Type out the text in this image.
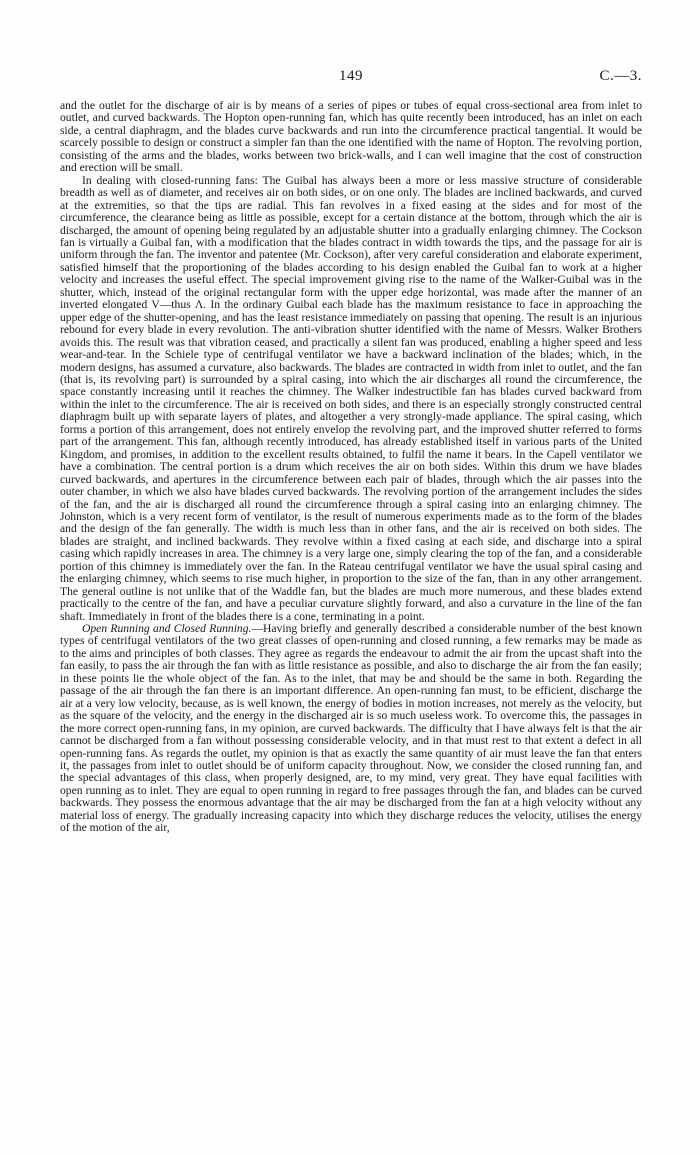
149	C.—3.

and the outlet for the discharge of air is by means of a series of pipes or tubes of equal cross-sectional area from inlet to outlet, and curved backwards. The Hopton open-running fan, which has quite recently been introduced, has an inlet on each side, a central diaphragm, and the blades curve backwards and run into the circumference practical tangential. It would be scarcely possible to design or construct a simpler fan than the one identified with the name of Hopton. The revolving portion, consisting of the arms and the blades, works between two brick-walls, and I can well imagine that the cost of construction and erection will be small.

In dealing with closed-running fans: The Guibal has always been a more or less massive structure of considerable breadth as well as of diameter, and receives air on both sides, or on one only. The blades are inclined backwards, and curved at the extremities, so that the tips are radial. This fan revolves in a fixed easing at the sides and for most of the circumference, the clearance being as little as possible, except for a certain distance at the bottom, through which the air is discharged, the amount of opening being regulated by an adjustable shutter into a gradually enlarging chimney. The Cockson fan is virtually a Guibal fan, with a modification that the blades contract in width towards the tips, and the passage for air is uniform through the fan. The inventor and patentee (Mr. Cockson), after very careful consideration and elaborate experiment, satisfied himself that the proportioning of the blades according to his design enabled the Guibal fan to work at a higher velocity and increases the useful effect. The special improvement giving rise to the name of the Walker-Guibal was in the shutter, which, instead of the original rectangular form with the upper edge horizontal, was made after the manner of an inverted elongated V—thus Λ. In the ordinary Guibal each blade has the maximum resistance to face in approaching the upper edge of the shutter-opening, and has the least resistance immediately on passing that opening. The result is an injurious rebound for every blade in every revolution. The anti-vibration shutter identified with the name of Messrs. Walker Brothers avoids this. The result was that vibration ceased, and practically a silent fan was produced, enabling a higher speed and less wear-and-tear. In the Schiele type of centrifugal ventilator we have a backward inclination of the blades; which, in the modern designs, has assumed a curvature, also backwards. The blades are contracted in width from inlet to outlet, and the fan (that is, its revolving part) is surrounded by a spiral casing, into which the air discharges all round the circumference, the space constantly increasing until it reaches the chimney. The Walker indestructible fan has blades curved backward from within the inlet to the circumference. The air is received on both sides, and there is an especially strongly constructed central diaphragm built up with separate layers of plates, and altogether a very strongly-made appliance. The spiral casing, which forms a portion of this arrangement, does not entirely envelop the revolving part, and the improved shutter referred to forms part of the arrangement. This fan, although recently introduced, has already established itself in various parts of the United Kingdom, and promises, in addition to the excellent results obtained, to fulfil the name it bears. In the Capell ventilator we have a combination. The central portion is a drum which receives the air on both sides. Within this drum we have blades curved backwards, and apertures in the circumference between each pair of blades, through which the air passes into the outer chamber, in which we also have blades curved backwards. The revolving portion of the arrangement includes the sides of the fan, and the air is discharged all round the circumference through a spiral casing into an enlarging chimney. The Johnston, which is a very recent form of ventilator, is the result of numerous experiments made as to the form of the blades and the design of the fan generally. The width is much less than in other fans, and the air is received on both sides. The blades are straight, and inclined backwards. They revolve within a fixed casing at each side, and discharge into a spiral casing which rapidly increases in area. The chimney is a very large one, simply clearing the top of the fan, and a considerable portion of this chimney is immediately over the fan. In the Rateau centrifugal ventilator we have the usual spiral casing and the enlarging chimney, which seems to rise much higher, in proportion to the size of the fan, than in any other arrangement. The general outline is not unlike that of the Waddle fan, but the blades are much more numerous, and these blades extend practically to the centre of the fan, and have a peculiar curvature slightly forward, and also a curvature in the line of the fan shaft. Immediately in front of the blades there is a cone, terminating in a point.

Open Running and Closed Running.—Having briefly and generally described a considerable number of the best known types of centrifugal ventilators of the two great classes of open-running and closed running, a few remarks may be made as to the aims and principles of both classes. They agree as regards the endeavour to admit the air from the upcast shaft into the fan easily, to pass the air through the fan with as little resistance as possible, and also to discharge the air from the fan easily; in these points lie the whole object of the fan. As to the inlet, that may be and should be the same in both. Regarding the passage of the air through the fan there is an important difference. An open-running fan must, to be efficient, discharge the air at a very low velocity, because, as is well known, the energy of bodies in motion increases, not merely as the velocity, but as the square of the velocity, and the energy in the discharged air is so much useless work. To overcome this, the passages in the more correct open-running fans, in my opinion, are curved backwards. The difficulty that I have always felt is that the air cannot be discharged from a fan without possessing considerable velocity, and in that must rest to that extent a defect in all open-running fans. As regards the outlet, my opinion is that as exactly the same quantity of air must leave the fan that enters it, the passages from inlet to outlet should be of uniform capacity throughout. Now, we consider the closed running fan, and the special advantages of this class, when properly designed, are, to my mind, very great. They have equal facilities with open running as to inlet. They are equal to open running in regard to free passages through the fan, and blades can be curved backwards. They possess the enormous advantage that the air may be discharged from the fan at a high velocity without any material loss of energy. The gradually increasing capacity into which they discharge reduces the velocity, utilises the energy of the motion of the air,
